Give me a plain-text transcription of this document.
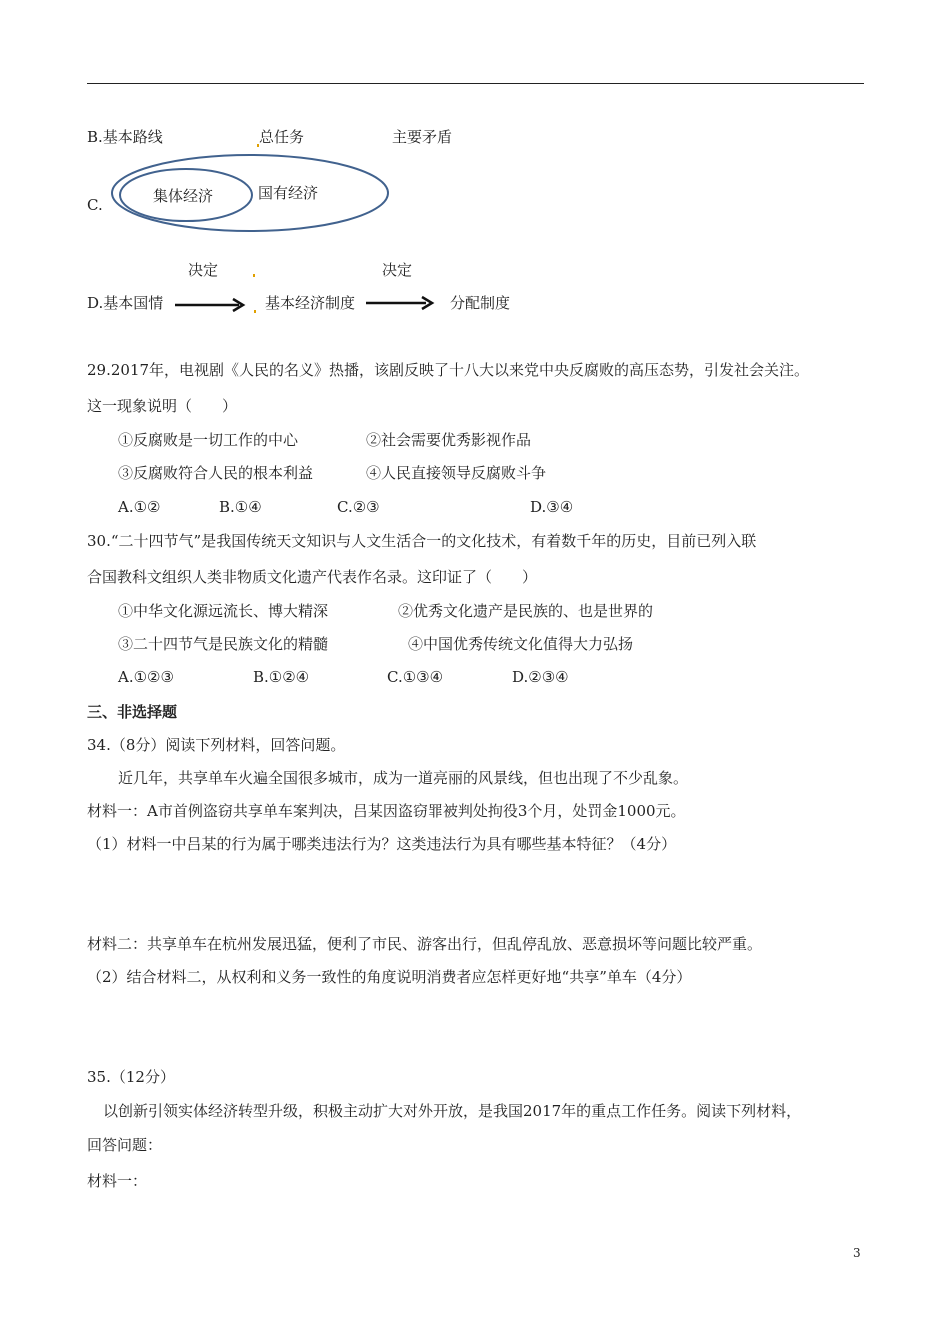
B.基本路线	总任务	主要矛盾
C.	集体经济	国有经济
决定	决定
D.基本国情	基本经济制度	分配制度
29.2017年，电视剧《人民的名义》热播，该剧反映了十八大以来党中央反腐败的高压态势，引发社会关注。
这一现象说明（　　）
①反腐败是一切工作的中心	②社会需要优秀影视作品
③反腐败符合人民的根本利益	④人民直接领导反腐败斗争
A.①②	B.①④	C.②③	D.③④
30.“二十四节气”是我国传统天文知识与人文生活合一的文化技术，有着数千年的历史，目前已列入联
合国教科文组织人类非物质文化遗产代表作名录。这印证了（　　）
①中华文化源远流长、博大精深	②优秀文化遗产是民族的、也是世界的
③二十四节气是民族文化的精髓	④中国优秀传统文化值得大力弘扬
A.①②③	B.①②④	C.①③④	D.②③④
三、非选择题
34.（8分）阅读下列材料，回答问题。
近几年，共享单车火遍全国很多城市，成为一道亮丽的风景线，但也出现了不少乱象。
材料一：A市首例盗窃共享单车案判决，吕某因盗窃罪被判处拘役3个月，处罚金1000元。
（1）材料一中吕某的行为属于哪类违法行为？这类违法行为具有哪些基本特征？（4分）
材料二：共享单车在杭州发展迅猛，便利了市民、游客出行，但乱停乱放、恶意损坏等问题比较严重。
（2）结合材料二，从权利和义务一致性的角度说明消费者应怎样更好地“共享”单车（4分）
35.（12分）
以创新引领实体经济转型升级，积极主动扩大对外开放，是我国2017年的重点工作任务。阅读下列材料，
回答问题：
材料一：
3
